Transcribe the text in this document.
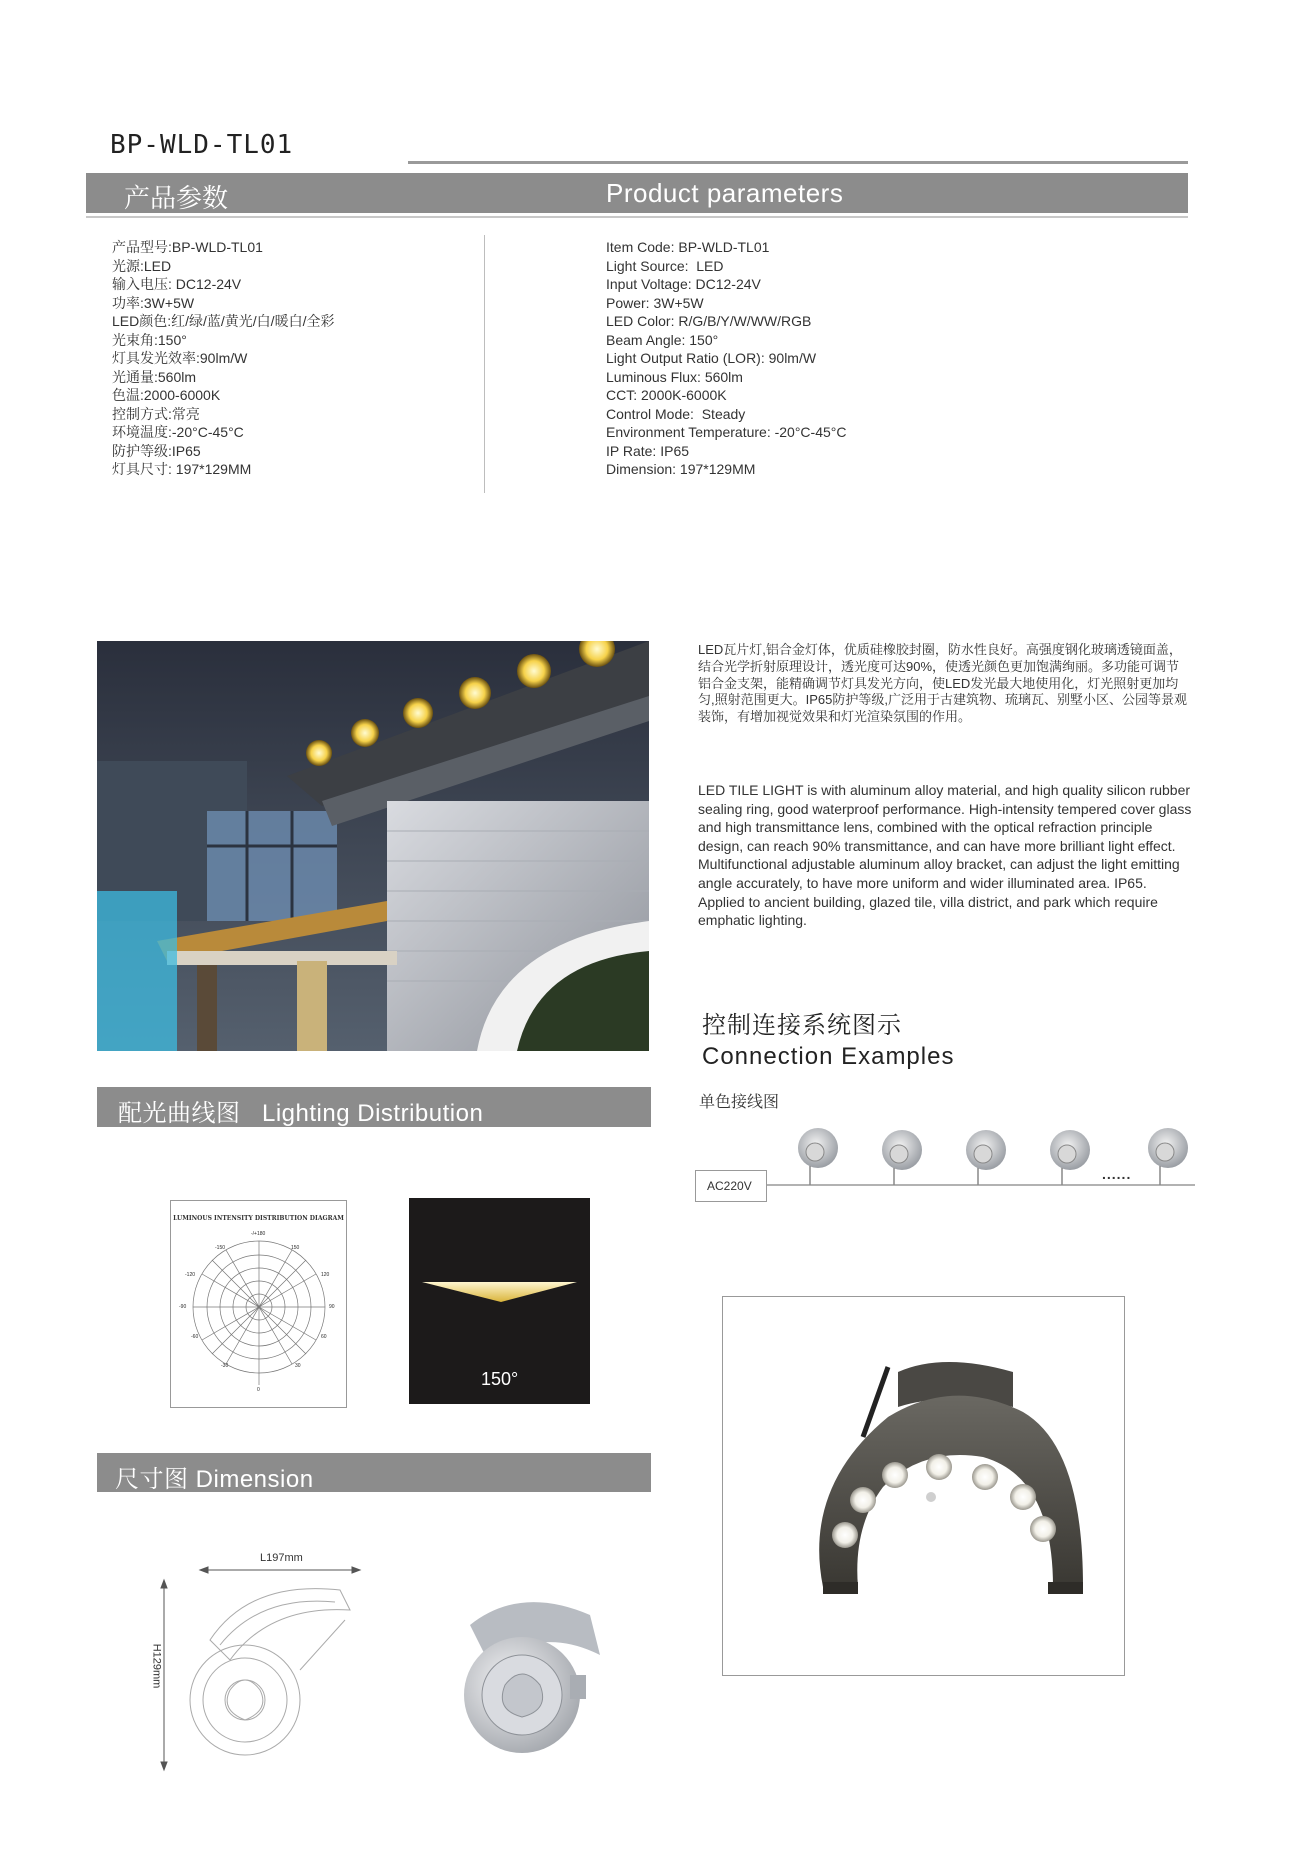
BP-WLD-TL01
产品参数	Product parameters
产品型号:BP-WLD-TL01
光源:LED
输入电压: DC12-24V
功率:3W+5W
LED颜色:红/绿/蓝/黄光/白/暖白/全彩
光束角:150°
灯具发光效率:90lm/W
光通量:560lm
色温:2000-6000K
控制方式:常亮
环境温度:-20°C-45°C
防护等级:IP65
灯具尺寸: 197*129MM
Item Code: BP-WLD-TL01
Light Source:  LED
Input Voltage: DC12-24V
Power: 3W+5W
LED Color: R/G/B/Y/W/WW/RGB
Beam Angle: 150°
Light Output Ratio (LOR): 90lm/W
Luminous Flux: 560lm
CCT: 2000K-6000K
Control Mode:  Steady
Environment Temperature: -20°C-45°C
IP Rate: IP65
Dimension: 197*129MM
LED瓦片灯,铝合金灯体，优质硅橡胶封圈，防水性良好。高强度钢化玻璃透镜面盖，结合光学折射原理设计，透光度可达90%，使透光颜色更加饱满绚丽。多功能可调节铝合金支架，能精确调节灯具发光方向，使LED发光最大地使用化，灯光照射更加均匀,照射范围更大。IP65防护等级,广泛用于古建筑物、琉璃瓦、别墅小区、公园等景观装饰，有增加视觉效果和灯光渲染氛围的作用。
LED TILE LIGHT is with aluminum alloy material, and high quality silicon rubber sealing ring, good waterproof performance. High-intensity tempered cover glass and high transmittance lens, combined with the optical refraction principle design, can reach 90% transmittance, and can have more brilliant light effect. Multifunctional adjustable aluminum alloy bracket, can adjust the light emitting angle accurately, to have more uniform and wider illuminated area. IP65. Applied to ancient building, glazed tile, villa district, and park which require emphatic lighting.
控制连接系统图示
Connection Examples
单色接线图
AC220V
......
配光曲线图   Lighting Distribution
LUMINOUS INTENSITY DISTRIBUTION DIAGRAM
-/+180
-150
-120
-90
-60
-30
150
120
90
60
30
0
150°
尺寸图 Dimension
L197mm
H129mm
